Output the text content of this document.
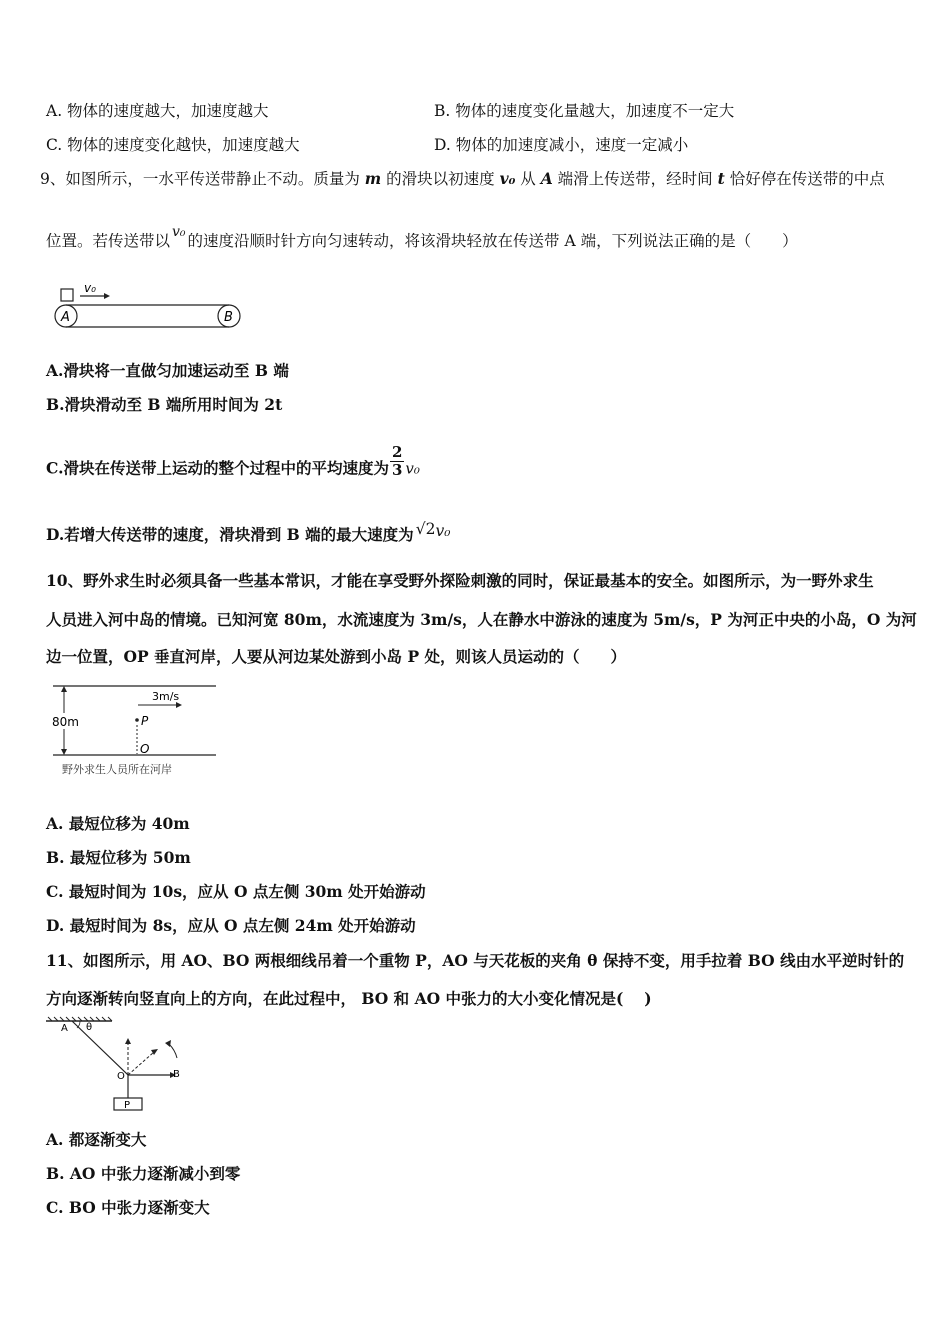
A. 物体的速度越大，加速度越大	B. 物体的速度变化量越大，加速度不一定大
C. 物体的速度变化越快，加速度越大	D. 物体的加速度减小，速度一定减小
9、如图所示，一水平传送带静止不动。质量为 m 的滑块以初速度 v₀ 从 A 端滑上传送带，经时间 t 恰好停在传送带的中点
位置。若传送带以 v₀ 的速度沿顺时针方向匀速转动，将该滑块轻放在传送带 A 端，下列说法正确的是（　　）
v₀
A	B
A.滑块将一直做匀加速运动至 B 端
B.滑块滑动至 B 端所用时间为 2t
C.滑块在传送带上运动的整个过程中的平均速度为 $\frac{2}{3} v_0$
D.若增大传送带的速度，滑块滑到 B 端的最大速度为 √2v₀
10、野外求生时必须具备一些基本常识，才能在享受野外探险刺激的同时，保证最基本的安全。如图所示，为一野外求生
人员进入河中岛的情境。已知河宽 80m，水流速度为 3m/s，人在静水中游泳的速度为 5m/s，P 为河正中央的小岛，O 为河
边一位置，OP 垂直河岸，人要从河边某处游到小岛 P 处，则该人员运动的（　　）
80m
3m/s
P
O
野外求生人员所在河岸
A. 最短位移为 40m
B. 最短位移为 50m
C. 最短时间为 10s，应从 O 点左侧 30m 处开始游动
D. 最短时间为 8s，应从 O 点左侧 24m 处开始游动
11、如图所示，用 AO、BO 两根细线吊着一个重物 P，AO 与天花板的夹角 θ 保持不变，用手拉着 BO 线由水平逆时针的
方向逐渐转向竖直向上的方向，在此过程中， BO 和 AO 中张力的大小变化情况是(　 )
A θ
B
O
P
A. 都逐渐变大
B. AO 中张力逐渐减小到零
C. BO 中张力逐渐变大
